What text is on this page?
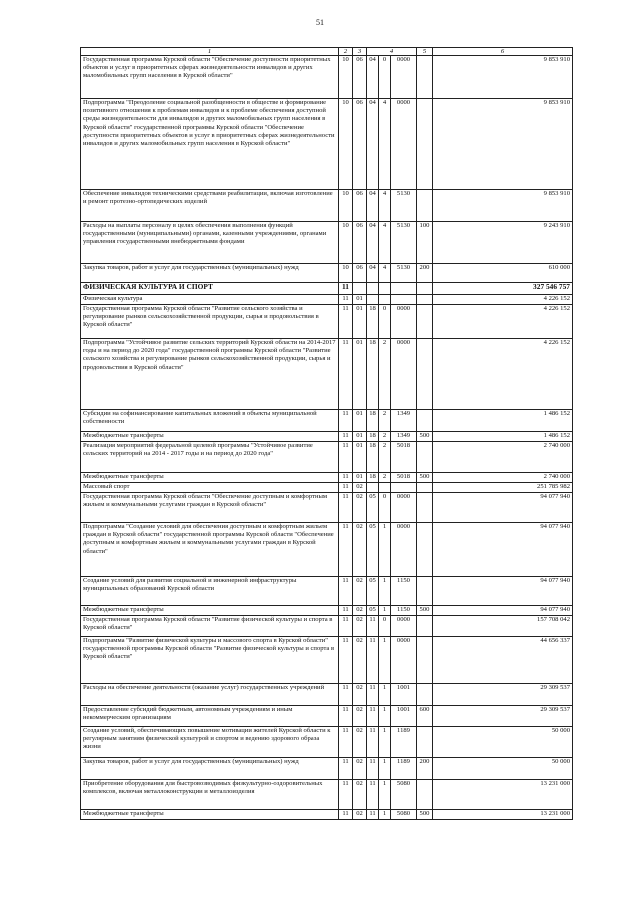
51
1	2	3	4			5	6
Государственная программа Курской области "Обеспечение доступности приоритетных объектов и услуг в приоритетных сферах жизнедеятельности инвалидов и других маломобильных групп населения в Курской области"	10	06	04	0	0000		9 853 910
Подпрограмма "Преодоление социальной разобщенности в обществе и формирование позитивного отношения к проблемам инвалидов и к проблеме обеспечения доступной среды жизнедеятельности для инвалидов и других маломобильных групп населения в Курской области" государственной программы Курской области "Обеспечение доступности приоритетных объектов и услуг в приоритетных сферах жизнедеятельности инвалидов и других маломобильных групп населения в Курской области"	10	06	04	4	0000		9 853 910
Обеспечение инвалидов техническими средствами реабилитации, включая изготовление и ремонт протезно-ортопедических изделий	10	06	04	4	5130		9 853 910
Расходы на выплаты персоналу в целях обеспечения выполнения функций государственными (муниципальными) органами, казенными учреждениями, органами управления государственными внебюджетными фондами	10	06	04	4	5130	100	9 243 910
Закупка товаров, работ и услуг для государственных (муниципальных) нужд	10	06	04	4	5130	200	610 000
ФИЗИЧЕСКАЯ КУЛЬТУРА И СПОРТ	11						327 546 757
Физическая культура	11	01					4 226 152
Государственная программа Курской области "Развитие сельского хозяйства и регулирование рынков сельскохозяйственной продукции, сырья и продовольствия в Курской области"	11	01	18	0	0000		4 226 152
Подпрограмма "Устойчивое развитие сельских территорий Курской области на 2014-2017 годы и на период до 2020 года" государственной программы Курской области "Развитие сельского хозяйства и регулирование рынков сельскохозяйственной продукции, сырья и продовольствия в Курской области"	11	01	18	2	0000		4 226 152
Субсидии на софинансирование капитальных вложений в объекты муниципальной собственности	11	01	18	2	1349		1 486 152
Межбюджетные трансферты	11	01	18	2	1349	500	1 486 152
Реализация мероприятий федеральной целевой программы "Устойчивое развитие сельских территорий на 2014 - 2017 годы и на период до 2020 года"	11	01	18	2	5018		2 740 000
Межбюджетные трансферты	11	01	18	2	5018	500	2 740 000
Массовый спорт	11	02					251 785 982
Государственная программа Курской области "Обеспечение доступным и комфортным жильем и коммунальными услугами граждан в Курской области"	11	02	05	0	0000		94 077 940
Подпрограмма "Создание условий для обеспечения доступным и комфортным жильем граждан в Курской области" государственной программы Курской области "Обеспечение доступным и комфортным жильем и коммунальными услугами граждан в Курской области"	11	02	05	1	0000		94 077 940
Создание условий для развития социальной и инженерной инфраструктуры муниципальных образований Курской области	11	02	05	1	1150		94 077 940
Межбюджетные трансферты	11	02	05	1	1150	500	94 077 940
Государственная программа Курской области "Развитие физической культуры и спорта в Курской области"	11	02	11	0	0000		157 708 042
Подпрограмма "Развитие физической культуры и массового спорта в Курской области" государственной программы Курской области "Развитие физической культуры и спорта в Курской области"	11	02	11	1	0000		44 656 337
Расходы на обеспечение деятельности (оказание услуг) государственных учреждений	11	02	11	1	1001		29 309 537
Предоставление субсидий бюджетным, автономным учреждениям и иным некоммерческим организациям	11	02	11	1	1001	600	29 309 537
Создание условий, обеспечивающих повышение мотивации жителей Курской области к регулярным занятиям физической культурой и спортом и ведению здорового образа жизни	11	02	11	1	1189		50 000
Закупка товаров, работ и услуг для государственных (муниципальных) нужд	11	02	11	1	1189	200	50 000
Приобретение оборудования для быстровозводимых физкультурно-оздоровительных комплексов, включая металлоконструкции и металлоизделия	11	02	11	1	5080		13 231 000
Межбюджетные трансферты	11	02	11	1	5080	500	13 231 000
